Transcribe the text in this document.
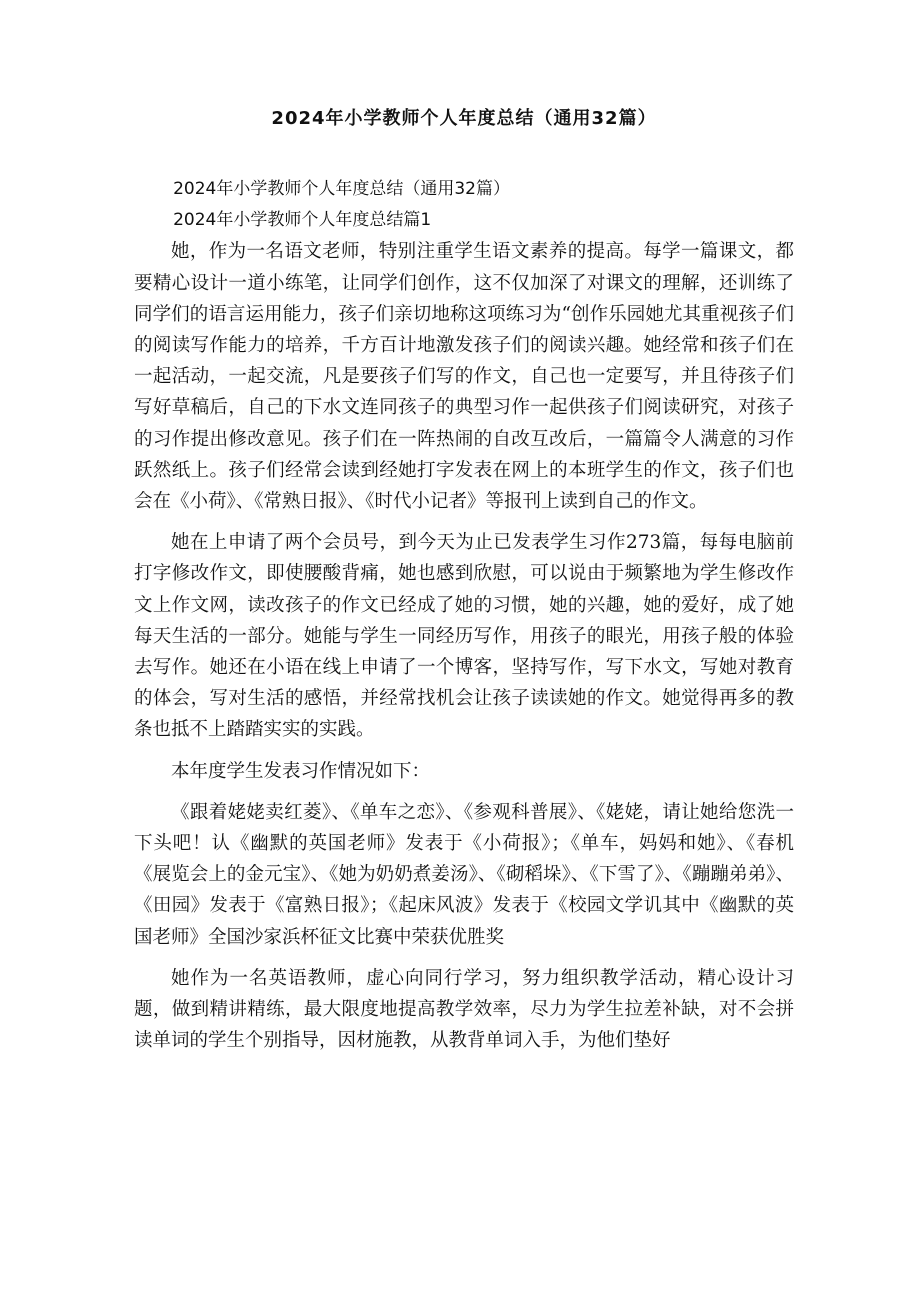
2024年小学教师个人年度总结（通用32篇）

2024年小学教师个人年度总结（通用32篇）

2024年小学教师个人年度总结篇1

她，作为一名语文老师，特别注重学生语文素养的提高。每学一篇课文，都要精心设计一道小练笔，让同学们创作，这不仅加深了对课文的理解，还训练了同学们的语言运用能力，孩子们亲切地称这项练习为“创作乐园她尤其重视孩子们的阅读写作能力的培养，千方百计地激发孩子们的阅读兴趣。她经常和孩子们在一起活动，一起交流，凡是要孩子们写的作文，自己也一定要写，并且待孩子们写好草稿后，自己的下水文连同孩子的典型习作一起供孩子们阅读研究，对孩子的习作提出修改意见。孩子们在一阵热闹的自改互改后，一篇篇令人满意的习作跃然纸上。孩子们经常会读到经她打字发表在网上的本班学生的作文，孩子们也会在《小荷》、《常熟日报》、《时代小记者》等报刊上读到自己的作文。

她在上申请了两个会员号，到今天为止已发表学生习作273篇，每每电脑前打字修改作文，即使腰酸背痛，她也感到欣慰，可以说由于频繁地为学生修改作文上作文网，读改孩子的作文已经成了她的习惯，她的兴趣，她的爱好，成了她每天生活的一部分。她能与学生一同经历写作，用孩子的眼光，用孩子般的体验去写作。她还在小语在线上申请了一个博客，坚持写作，写下水文，写她对教育的体会，写对生活的感悟，并经常找机会让孩子读读她的作文。她觉得再多的教条也抵不上踏踏实实的实践。

本年度学生发表习作情况如下：

《跟着姥姥卖红菱》、《单车之恋》、《参观科普展》、《姥姥，请让她给您洗一下头吧！认《幽默的英国老师》发表于《小荷报》；《单车，妈妈和她》、《春机《展览会上的金元宝》、《她为奶奶煮姜汤》、《砌稻垛》、《下雪了》、《蹦蹦弟弟》、《田园》发表于《富熟日报》；《起床风波》发表于《校园文学讥其中《幽默的英国老师》全国沙家浜杯征文比赛中荣获优胜奖

她作为一名英语教师，虚心向同行学习，努力组织教学活动，精心设计习题，做到精讲精练，最大限度地提高教学效率，尽力为学生拉差补缺，对不会拼读单词的学生个别指导，因材施教，从教背单词入手，为他们垫好
